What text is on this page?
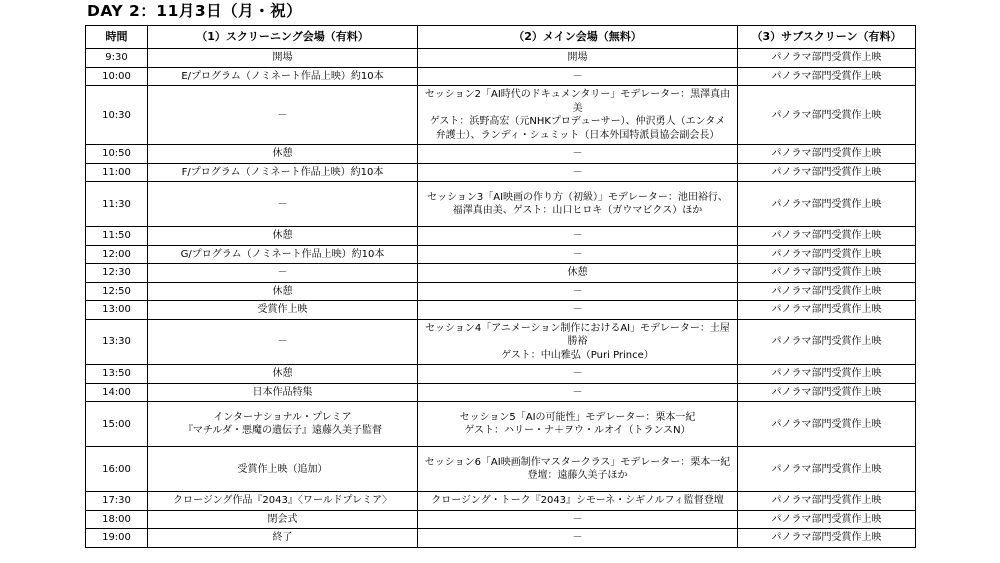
DAY 2：11月3日（月・祝）
時間	（1）スクリーニング会場（有料）	（2）メイン会場（無料）	（3）サブスクリーン（有料）
9:30	開場	開場	パノラマ部門受賞作上映

10:00	E/プログラム（ノミネート作品上映）約10本	－	パノラマ部門受賞作上映

10:30	－	セッション2「AI時代のドキュメンタリー」モデレーター：黒澤真由美
ゲスト：浜野高宏（元NHKプロデューサー）、仲沢勇人（エンタメ
弁護士）、ランディ・シュミット（日本外国特派員協会副会長）	パノラマ部門受賞作上映

10:50	休憩	－	パノラマ部門受賞作上映

11:00	F/プログラム（ノミネート作品上映）約10本	－	パノラマ部門受賞作上映

11:30	－	セッション3「AI映画の作り方（初級）」モデレーター：池田裕行、
福澤真由美、ゲスト：山口ヒロキ（ガウマビクス）ほか	パノラマ部門受賞作上映

11:50	休憩	－	パノラマ部門受賞作上映

12:00	G/プログラム（ノミネート作品上映）約10本	－	パノラマ部門受賞作上映

12:30	－	休憩	パノラマ部門受賞作上映

12:50	休憩	－	パノラマ部門受賞作上映

13:00	受賞作上映	－	パノラマ部門受賞作上映

13:30	－	セッション4「アニメーション制作におけるAI」モデレーター：土屋勝裕
ゲスト：中山雅弘（Puri Prince）	パノラマ部門受賞作上映

13:50	休憩	－	パノラマ部門受賞作上映

14:00	日本作品特集	－	パノラマ部門受賞作上映

15:00	インターナショナル・プレミア
『マチルダ・悪魔の遺伝子』遠藤久美子監督	セッション5「AIの可能性」モデレーター：栗本一紀
ゲスト：ハリー・ナ＋ヲウ・ルオイ（トランスN）	パノラマ部門受賞作上映

16:00	受賞作上映（追加）	セッション6「AI映画制作マスタークラス」モデレーター：栗本一紀
登壇：遠藤久美子ほか	パノラマ部門受賞作上映

17:30	クロージング作品『2043』〈ワールドプレミア〉	クロージング・トーク『2043』シモーネ・シギノルフィ監督登壇	パノラマ部門受賞作上映

18:00	閉会式	－	パノラマ部門受賞作上映

19:00	終了	－	パノラマ部門受賞作上映
